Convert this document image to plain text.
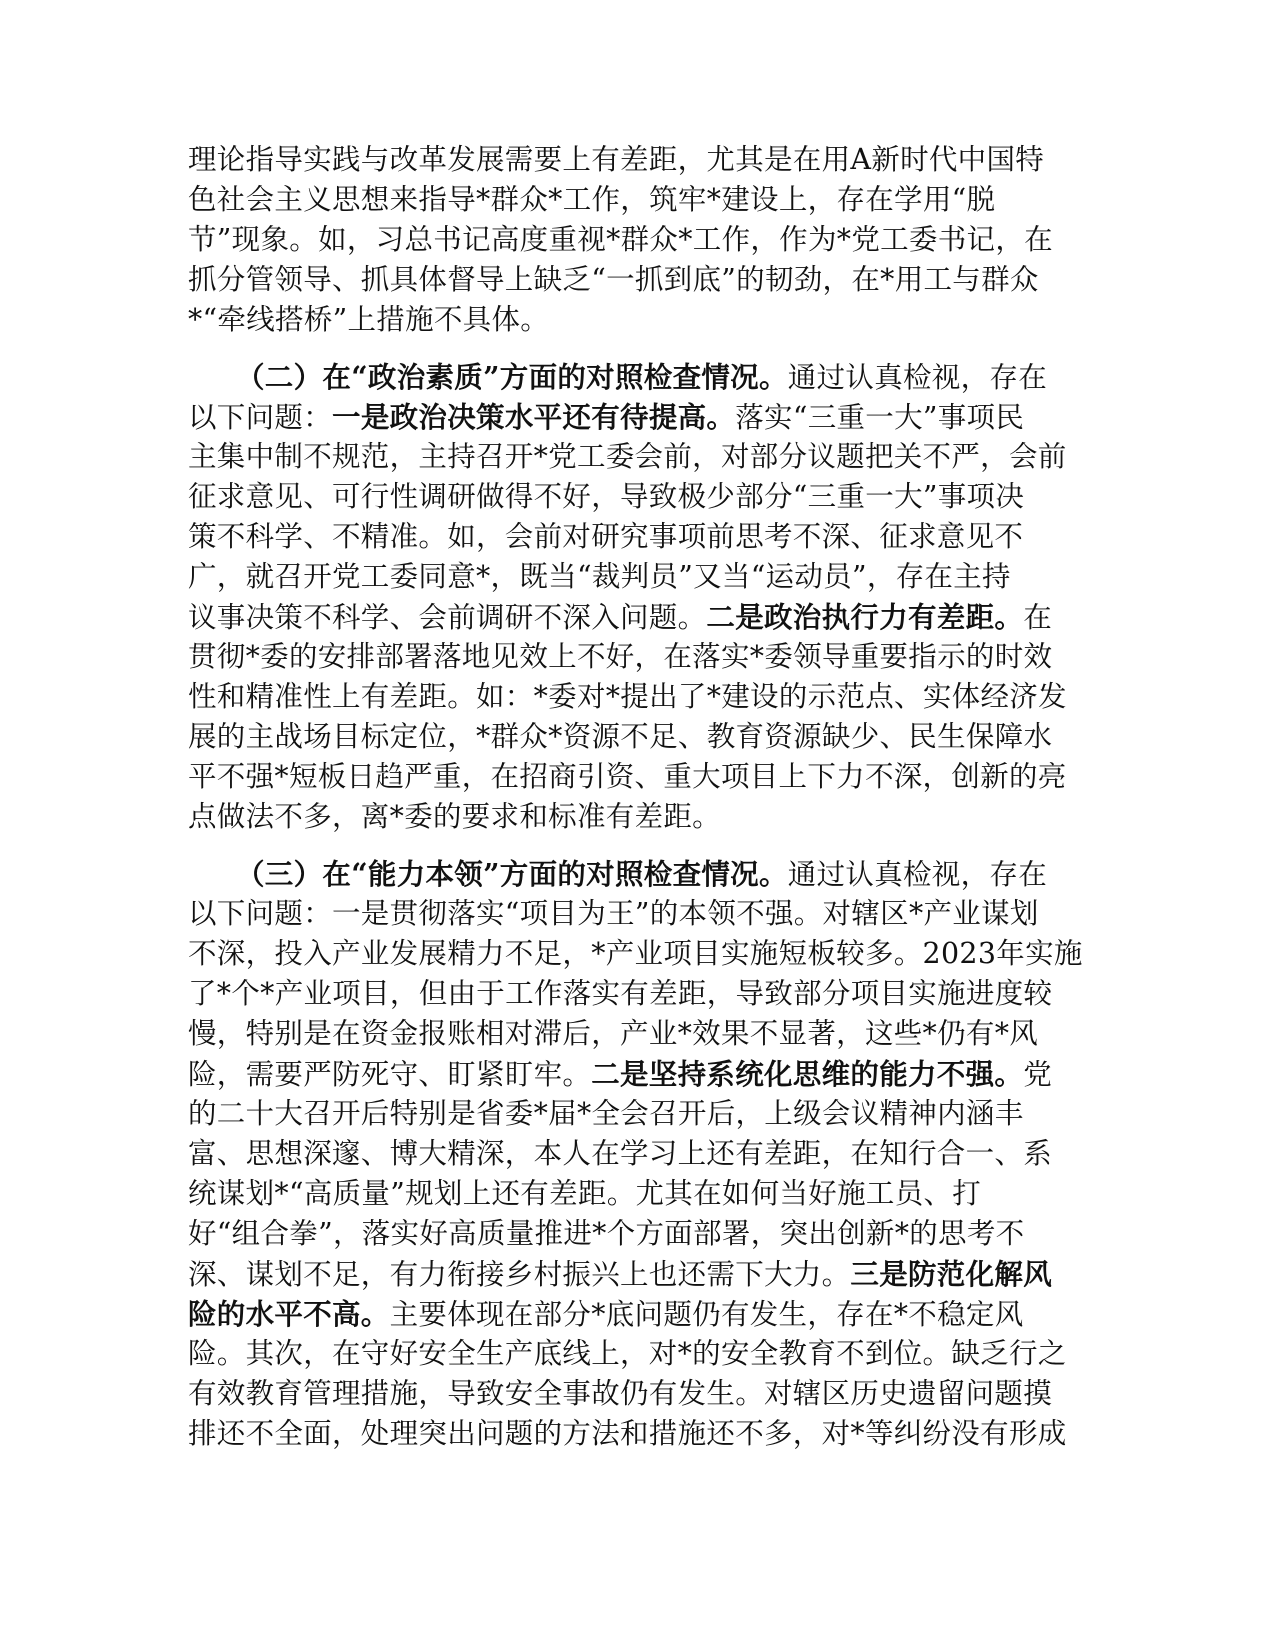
理论指导实践与改革发展需要上有差距，尤其是在用A新时代中国特
色社会主义思想来指导*群众*工作，筑牢*建设上，存在学用“脱
节”现象。如，习总书记高度重视*群众*工作，作为*党工委书记，在
抓分管领导、抓具体督导上缺乏“一抓到底”的韧劲，在*用工与群众
*“牵线搭桥”上措施不具体。
（二）在“政治素质”方面的对照检查情况。通过认真检视，存在
以下问题：一是政治决策水平还有待提高。落实“三重一大”事项民
主集中制不规范，主持召开*党工委会前，对部分议题把关不严，会前
征求意见、可行性调研做得不好，导致极少部分“三重一大”事项决
策不科学、不精准。如，会前对研究事项前思考不深、征求意见不
广，就召开党工委同意*，既当“裁判员”又当“运动员”，存在主持
议事决策不科学、会前调研不深入问题。二是政治执行力有差距。在
贯彻*委的安排部署落地见效上不好，在落实*委领导重要指示的时效
性和精准性上有差距。如：*委对*提出了*建设的示范点、实体经济发
展的主战场目标定位，*群众*资源不足、教育资源缺少、民生保障水
平不强*短板日趋严重，在招商引资、重大项目上下力不深，创新的亮
点做法不多，离*委的要求和标准有差距。
（三）在“能力本领”方面的对照检查情况。通过认真检视，存在
以下问题：一是贯彻落实“项目为王”的本领不强。对辖区*产业谋划
不深，投入产业发展精力不足，*产业项目实施短板较多。2023年实施
了*个*产业项目，但由于工作落实有差距，导致部分项目实施进度较
慢，特别是在资金报账相对滞后，产业*效果不显著，这些*仍有*风
险，需要严防死守、盯紧盯牢。二是坚持系统化思维的能力不强。党
的二十大召开后特别是省委*届*全会召开后，上级会议精神内涵丰
富、思想深邃、博大精深，本人在学习上还有差距，在知行合一、系
统谋划*“高质量”规划上还有差距。尤其在如何当好施工员、打
好“组合拳”，落实好高质量推进*个方面部署，突出创新*的思考不
深、谋划不足，有力衔接乡村振兴上也还需下大力。三是防范化解风
险的水平不高。主要体现在部分*底问题仍有发生，存在*不稳定风
险。其次，在守好安全生产底线上，对*的安全教育不到位。缺乏行之
有效教育管理措施，导致安全事故仍有发生。对辖区历史遗留问题摸
排还不全面，处理突出问题的方法和措施还不多，对*等纠纷没有形成
